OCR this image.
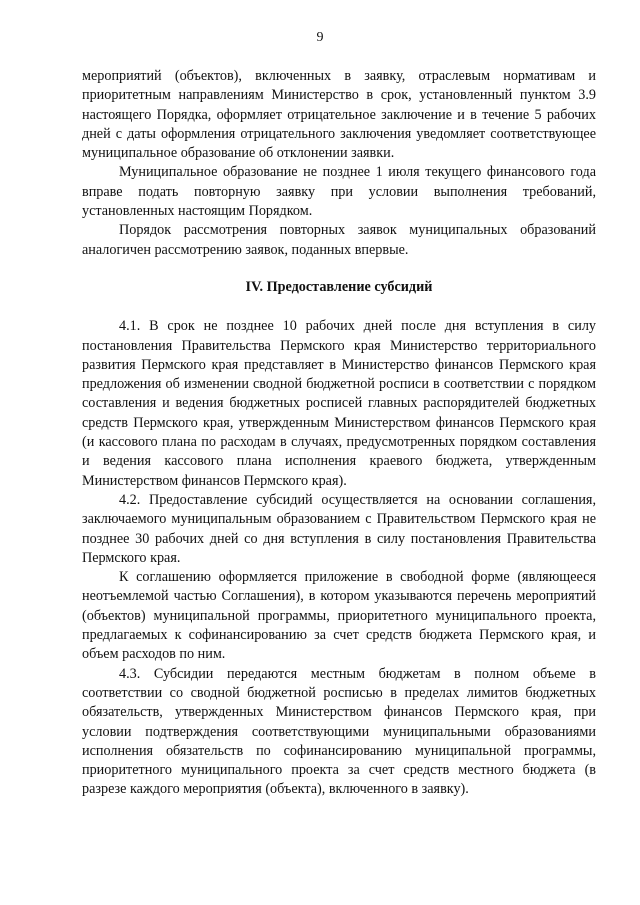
9

мероприятий (объектов), включенных в заявку, отраслевым нормативам и приоритетным направлениям Министерство в срок, установленный пунктом 3.9 настоящего Порядка, оформляет отрицательное заключение и в течение 5 рабочих дней с даты оформления отрицательного заключения уведомляет соответствующее муниципальное образование об отклонении заявки.

Муниципальное образование не позднее 1 июля текущего финансового года вправе подать повторную заявку при условии выполнения требований, установленных настоящим Порядком.

Порядок рассмотрения повторных заявок муниципальных образований аналогичен рассмотрению заявок, поданных впервые.

IV. Предоставление субсидий

4.1. В срок не позднее 10 рабочих дней после дня вступления в силу постановления Правительства Пермского края Министерство территориального развития Пермского края представляет в Министерство финансов Пермского края предложения об изменении сводной бюджетной росписи в соответствии с порядком составления и ведения бюджетных росписей главных распорядителей бюджетных средств Пермского края, утвержденным Министерством финансов Пермского края (и кассового плана по расходам в случаях, предусмотренных порядком составления и ведения кассового плана исполнения краевого бюджета, утвержденным Министерством финансов Пермского края).

4.2. Предоставление субсидий осуществляется на основании соглашения, заключаемого муниципальным образованием с Правительством Пермского края не позднее 30 рабочих дней со дня вступления в силу постановления Правительства Пермского края.

К соглашению оформляется приложение в свободной форме (являющееся неотъемлемой частью Соглашения), в котором указываются перечень мероприятий (объектов) муниципальной программы, приоритетного муниципального проекта, предлагаемых к софинансированию за счет средств бюджета Пермского края, и объем расходов по ним.

4.3. Субсидии передаются местным бюджетам в полном объеме в соответствии со сводной бюджетной росписью в пределах лимитов бюджетных обязательств, утвержденных Министерством финансов Пермского края, при условии подтверждения соответствующими муниципальными образованиями исполнения обязательств по софинансированию муниципальной программы, приоритетного муниципального проекта за счет средств местного бюджета (в разрезе каждого мероприятия (объекта), включенного в заявку).
